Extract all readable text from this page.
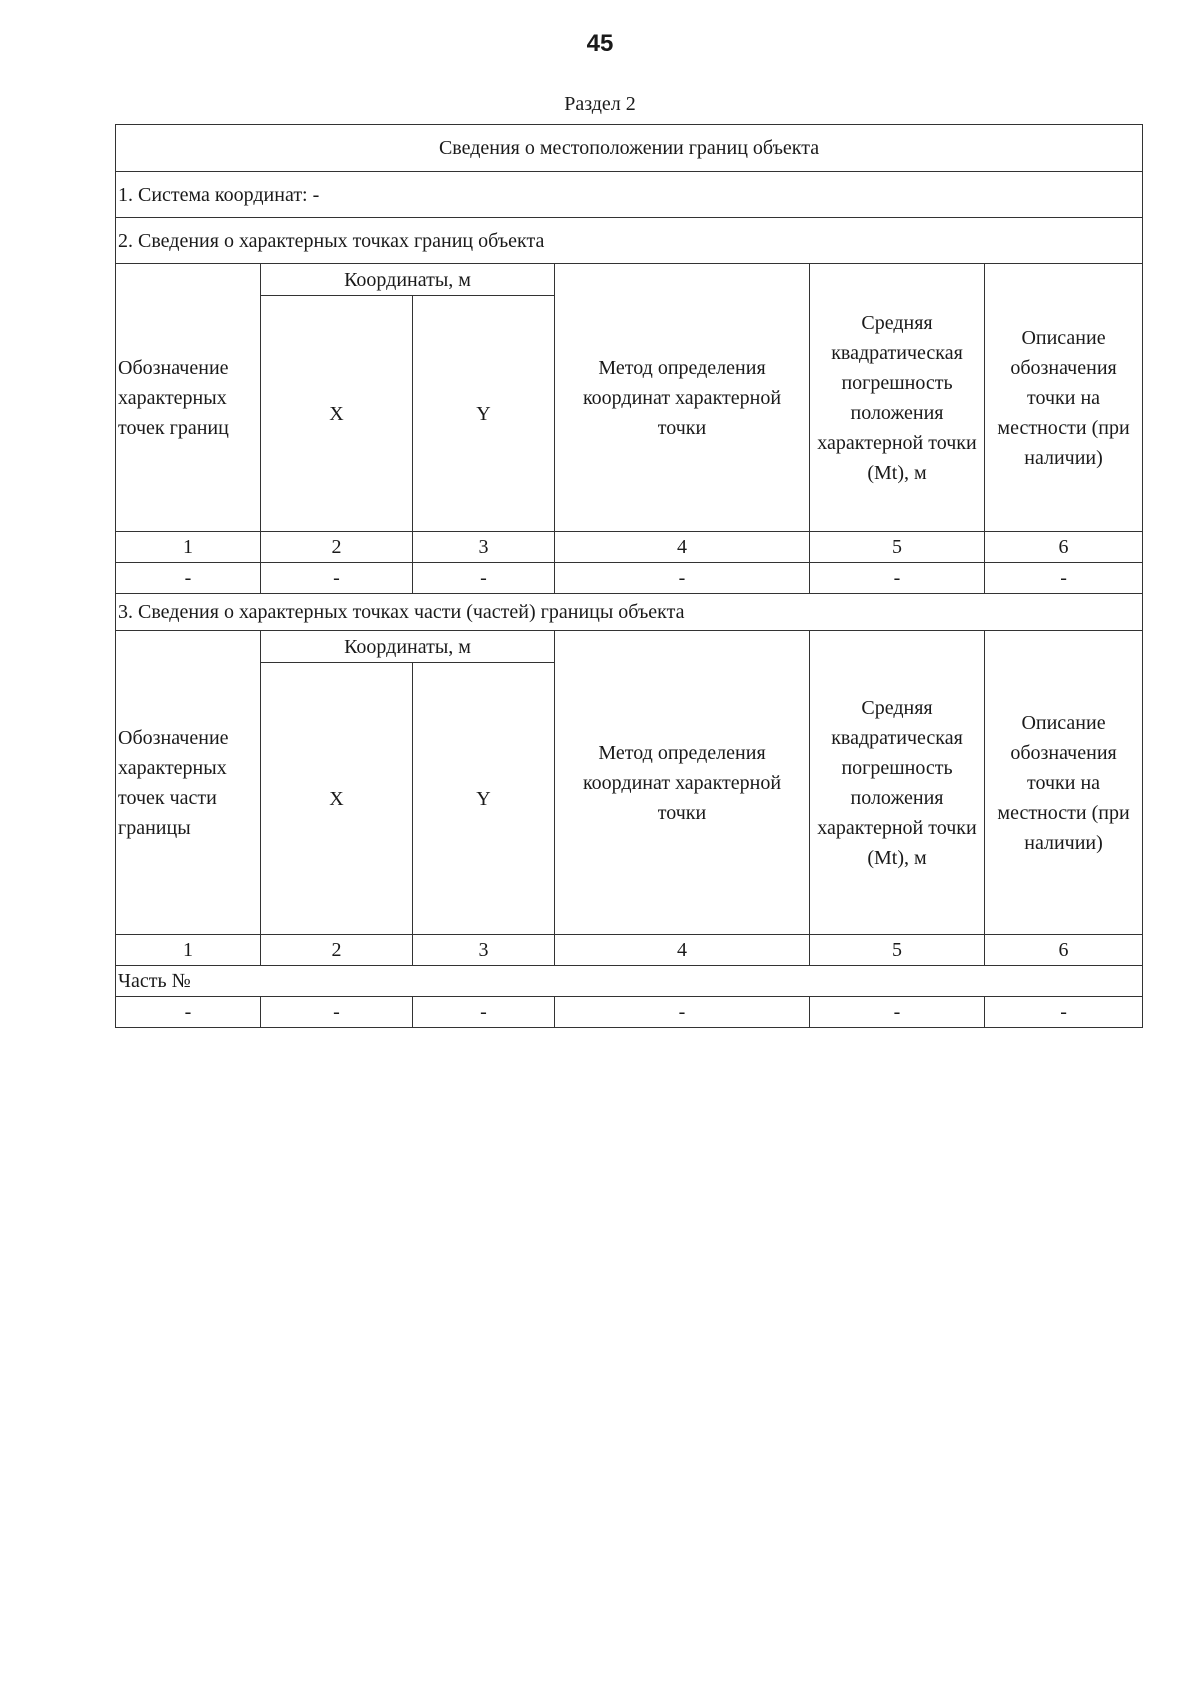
45
Раздел 2
Сведения о местоположении границ объекта					
1. Система координат: -					
2. Сведения о характерных точках границ объекта					
Обозначение характерных точек границ	Координаты, м		Метод определения координат характерной точки	Средняя квадратическая погрешность положения характерной точки (Mt), м	Описание обозначения точки на местности (при наличии)
	X	Y			
1	2	3	4	5	6
-	-	-	-	-	-
3. Сведения о характерных точках части (частей) границы объекта					
Обозначение характерных точек части границы	Координаты, м		Метод определения координат характерной точки	Средняя квадратическая погрешность положения характерной точки (Mt), м	Описание обозначения точки на местности (при наличии)
	X	Y			
1	2	3	4	5	6
Часть №					
-	-	-	-	-	-
